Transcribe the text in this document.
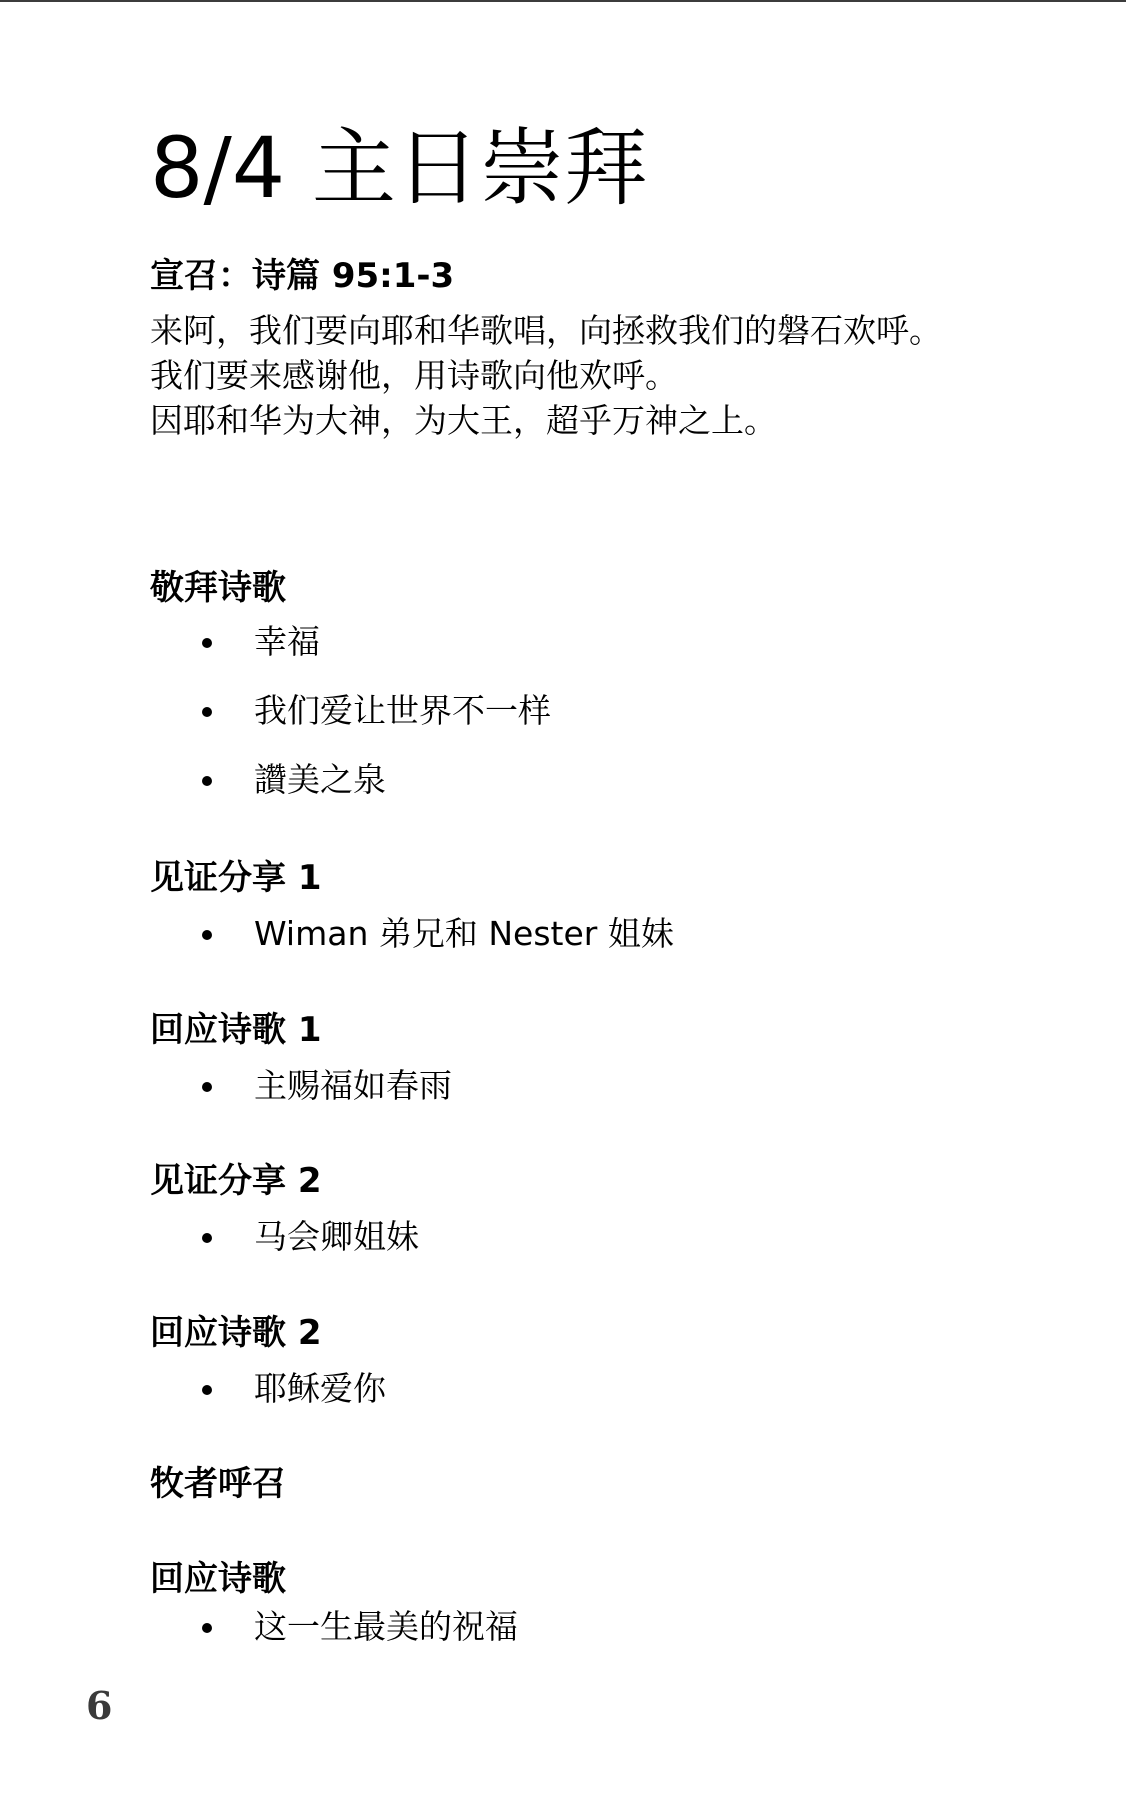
8/4 主日崇拜
宣召：诗篇 95:1-3
来阿，我们要向耶和华歌唱，向拯救我们的磐石欢呼。
我们要来感谢他，用诗歌向他欢呼。
因耶和华为大神，为大王，超乎万神之上。
敬拜诗歌
幸福
我们爱让世界不一样
讚美之泉
见证分享 1
Wiman 弟兄和 Nester 姐妹
回应诗歌 1
主赐福如春雨
见证分享 2
马会卿姐妹
回应诗歌 2
耶稣爱你
牧者呼召
回应诗歌
这一生最美的祝福
6
